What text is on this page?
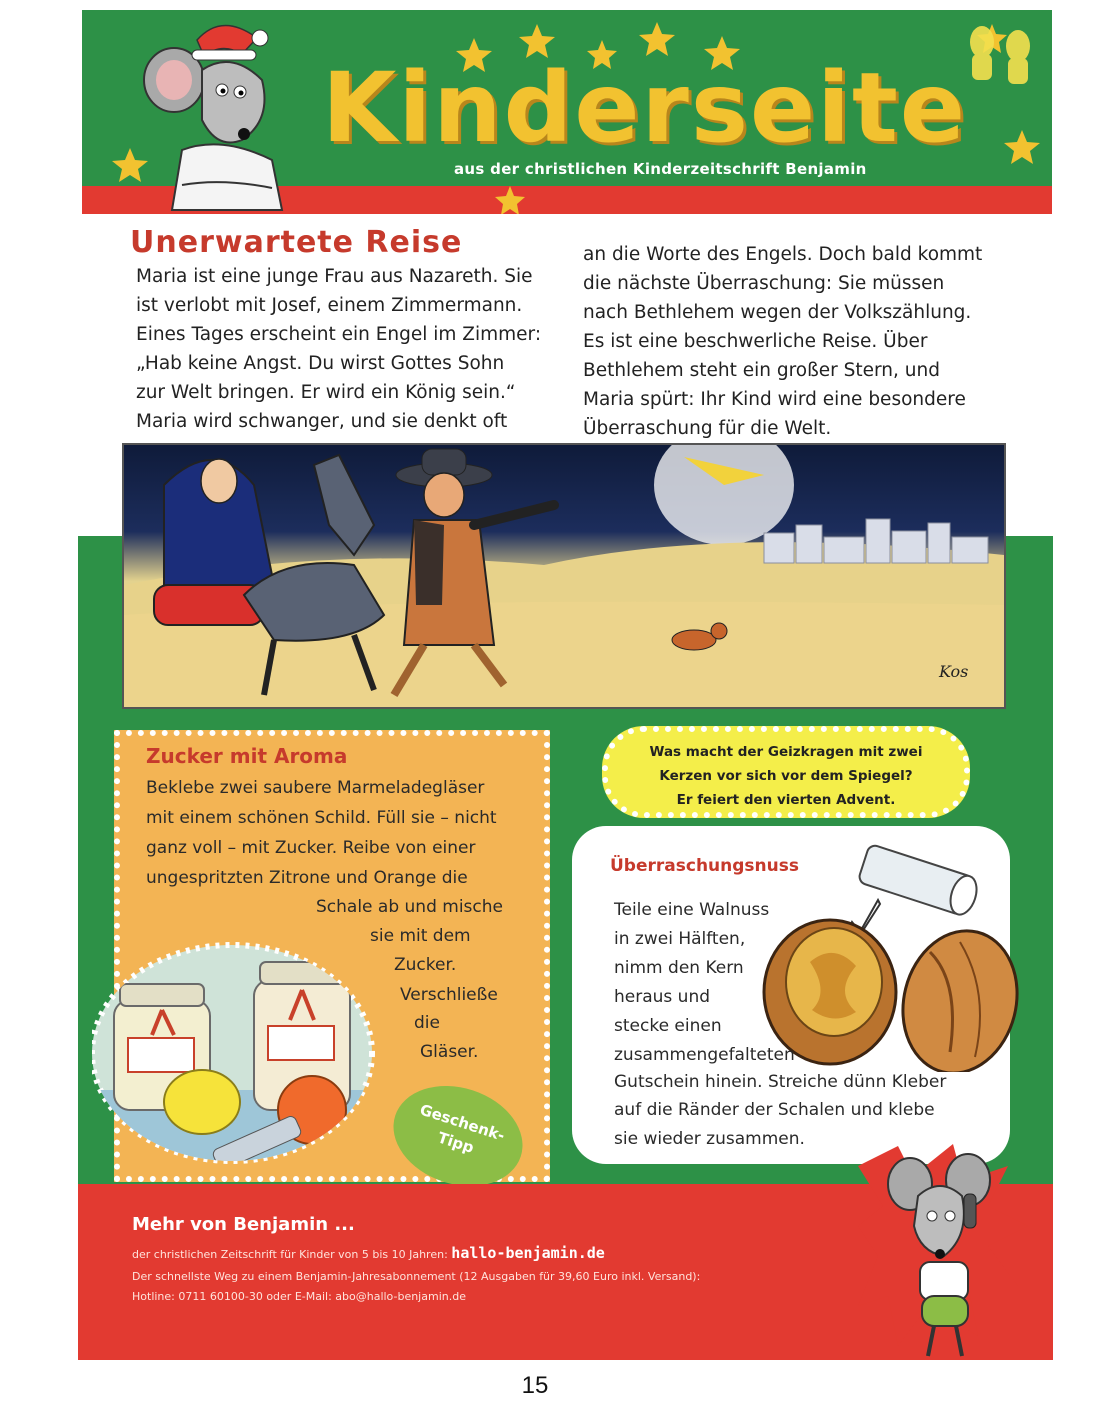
Kinderseite
aus der christlichen Kinderzeitschrift Benjamin
Unerwartete Reise

Maria ist eine junge Frau aus Nazareth. Sie
ist verlobt mit Josef, einem Zimmermann.
Eines Tages erscheint ein Engel im Zimmer:
„Hab keine Angst. Du wirst Gottes Sohn
zur Welt bringen. Er wird ein König sein.“
Maria wird schwanger, und sie denkt oft

an die Worte des Engels. Doch bald kommt
die nächste Überraschung: Sie müssen
nach Bethlehem wegen der Volkszählung.
Es ist eine beschwerliche Reise. Über
Bethlehem steht ein großer Stern, und
Maria spürt: Ihr Kind wird eine besondere
Überraschung für die Welt.

Kos
Zucker mit Aroma
Beklebe zwei saubere Marmeladegläser
mit einem schönen Schild. Füll sie – nicht
ganz voll – mit Zucker. Reibe von einer
ungespritzten Zitrone und Orange die
Schale ab und mische
sie mit dem
Zucker.
Verschließe
die
Gläser.
Geschenk-
Tipp
Was macht der Geizkragen mit zwei
Kerzen vor sich vor dem Spiegel?
Er feiert den vierten Advent.
Überraschungsnuss
Teile eine Walnuss
in zwei Hälften,
nimm den Kern
heraus und
stecke einen
zusammengefalteten
Gutschein hinein. Streiche dünn Kleber
auf die Ränder der Schalen und klebe
sie wieder zusammen.
Mehr von Benjamin ...
der christlichen Zeitschrift für Kinder von 5 bis 10 Jahren: hallo-benjamin.de
Der schnellste Weg zu einem Benjamin-Jahresabonnement (12 Ausgaben für 39,60 Euro inkl. Versand):
Hotline: 0711 60100-30 oder E-Mail: abo@hallo-benjamin.de
15
